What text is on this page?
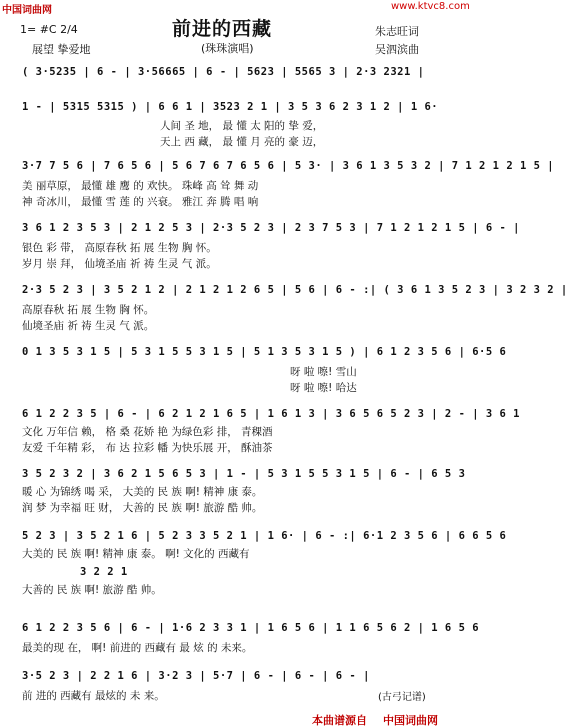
中国词曲网	www.ktvc8.com
前进的西藏
(珠珠演唱)
1= #C 2/4
展望 挚爱地
朱志旺词
吴泗滨曲
( 3·5235 | 6 - | 3·56665 | 6 - | 5623 | 5565 3 | 2·3 2321 |
1 - | 5315 5315 ) | 6 6 1 | 3523 2 1 | 3 5 3 6 2 3 1 2 | 1 6·
人间 圣 地， 最 懂 太 阳的 挚 爱，
天上 西 藏， 最 懂 月 亮的 豪 迈，
3·7 7 5 6 | 7 6 5 6 | 5 6 7 6 7 6 5 6 | 5 3· | 3 6 1 3 5 3 2 | 7 1 2 1 2 1 5 |
美 丽草原， 最懂 雄 鹰 的 欢快。 珠峰 高 耸 舞 动
神 奇冰川， 最懂 雪 莲 的 兴衰。 雅江 奔 腾 唱 响
3 6 1 2 3 5 3 | 2 1 2 5 3 | 2·3 5 2 3 | 2 3 7 5 3 | 7 1 2 1 2 1 5 | 6 - |
银色 彩 带， 高原春秋 拓 展 生物 胸 怀。
岁月 崇 拜， 仙境圣庙 祈 祷 生灵 气 派。
2·3 5 2 3 | 3 5 2 1 2 | 2 1 2 1 2 6 5 | 5 6 | 6 - :| ( 3 6 1 3 5 2 3 | 3 2 3 2 |
高原春秋 拓 展 生物 胸 怀。
仙境圣庙 祈 祷 生灵 气 派。
0 1 3 5 3 1 5 | 5 3 1 5 5 3 1 5 | 5 1 3 5 3 1 5 ) | 6 1 2 3 5 6 | 6·5 6
呀 啦 嚓! 雪山
呀 啦 嚓! 哈达
6 1 2 2 3 5 | 6 - | 6 2 1 2 1 6 5 | 1 6 1 3 | 3 6 5 6 5 2 3 | 2 - | 3 6 1
文化 万年信 赖， 格 桑 花娇 艳 为绿色彩 排， 青稞酒
友爱 千年精 彩， 布 达 拉彩 幡 为快乐展 开， 酥油茶
3 5 2 3 2 | 3 6 2 1 5 6 5 3 | 1 - | 5 3 1 5 5 3 1 5 | 6 - | 6 5 3
暖 心 为锦绣 喝 采， 大美的 民 族 啊! 精神 康 泰。
润 梦 为幸福 旺 财， 大善的 民 族 啊! 旅游 酷 帅。
5 2 3 | 3 5 2 1 6 | 5 2 3 3 5 2 1 | 1 6· | 6 - :| 6·1 2 3 5 6 | 6 6 5 6
大美的 民 族 啊! 精神 康 泰。 啊! 文化的 西藏有
3 2 2 1
大善的 民 族 啊! 旅游 酷 帅。
6 1 2 2 3 5 6 | 6 - | 1·6 2 3 3 1 | 1 6 5 6 | 1 1 6 5 6 2 | 1 6 5 6
最美的现 在， 啊! 前进的 西藏有 最 炫 的 未来。
3·5 2 3 | 2 2 1 6 | 3·2 3 | 5·7 | 6 - | 6 - | 6 - |
前 进的 西藏有 最炫的 未 来。	(古弓记谱)
本曲谱源自 中国词曲网
